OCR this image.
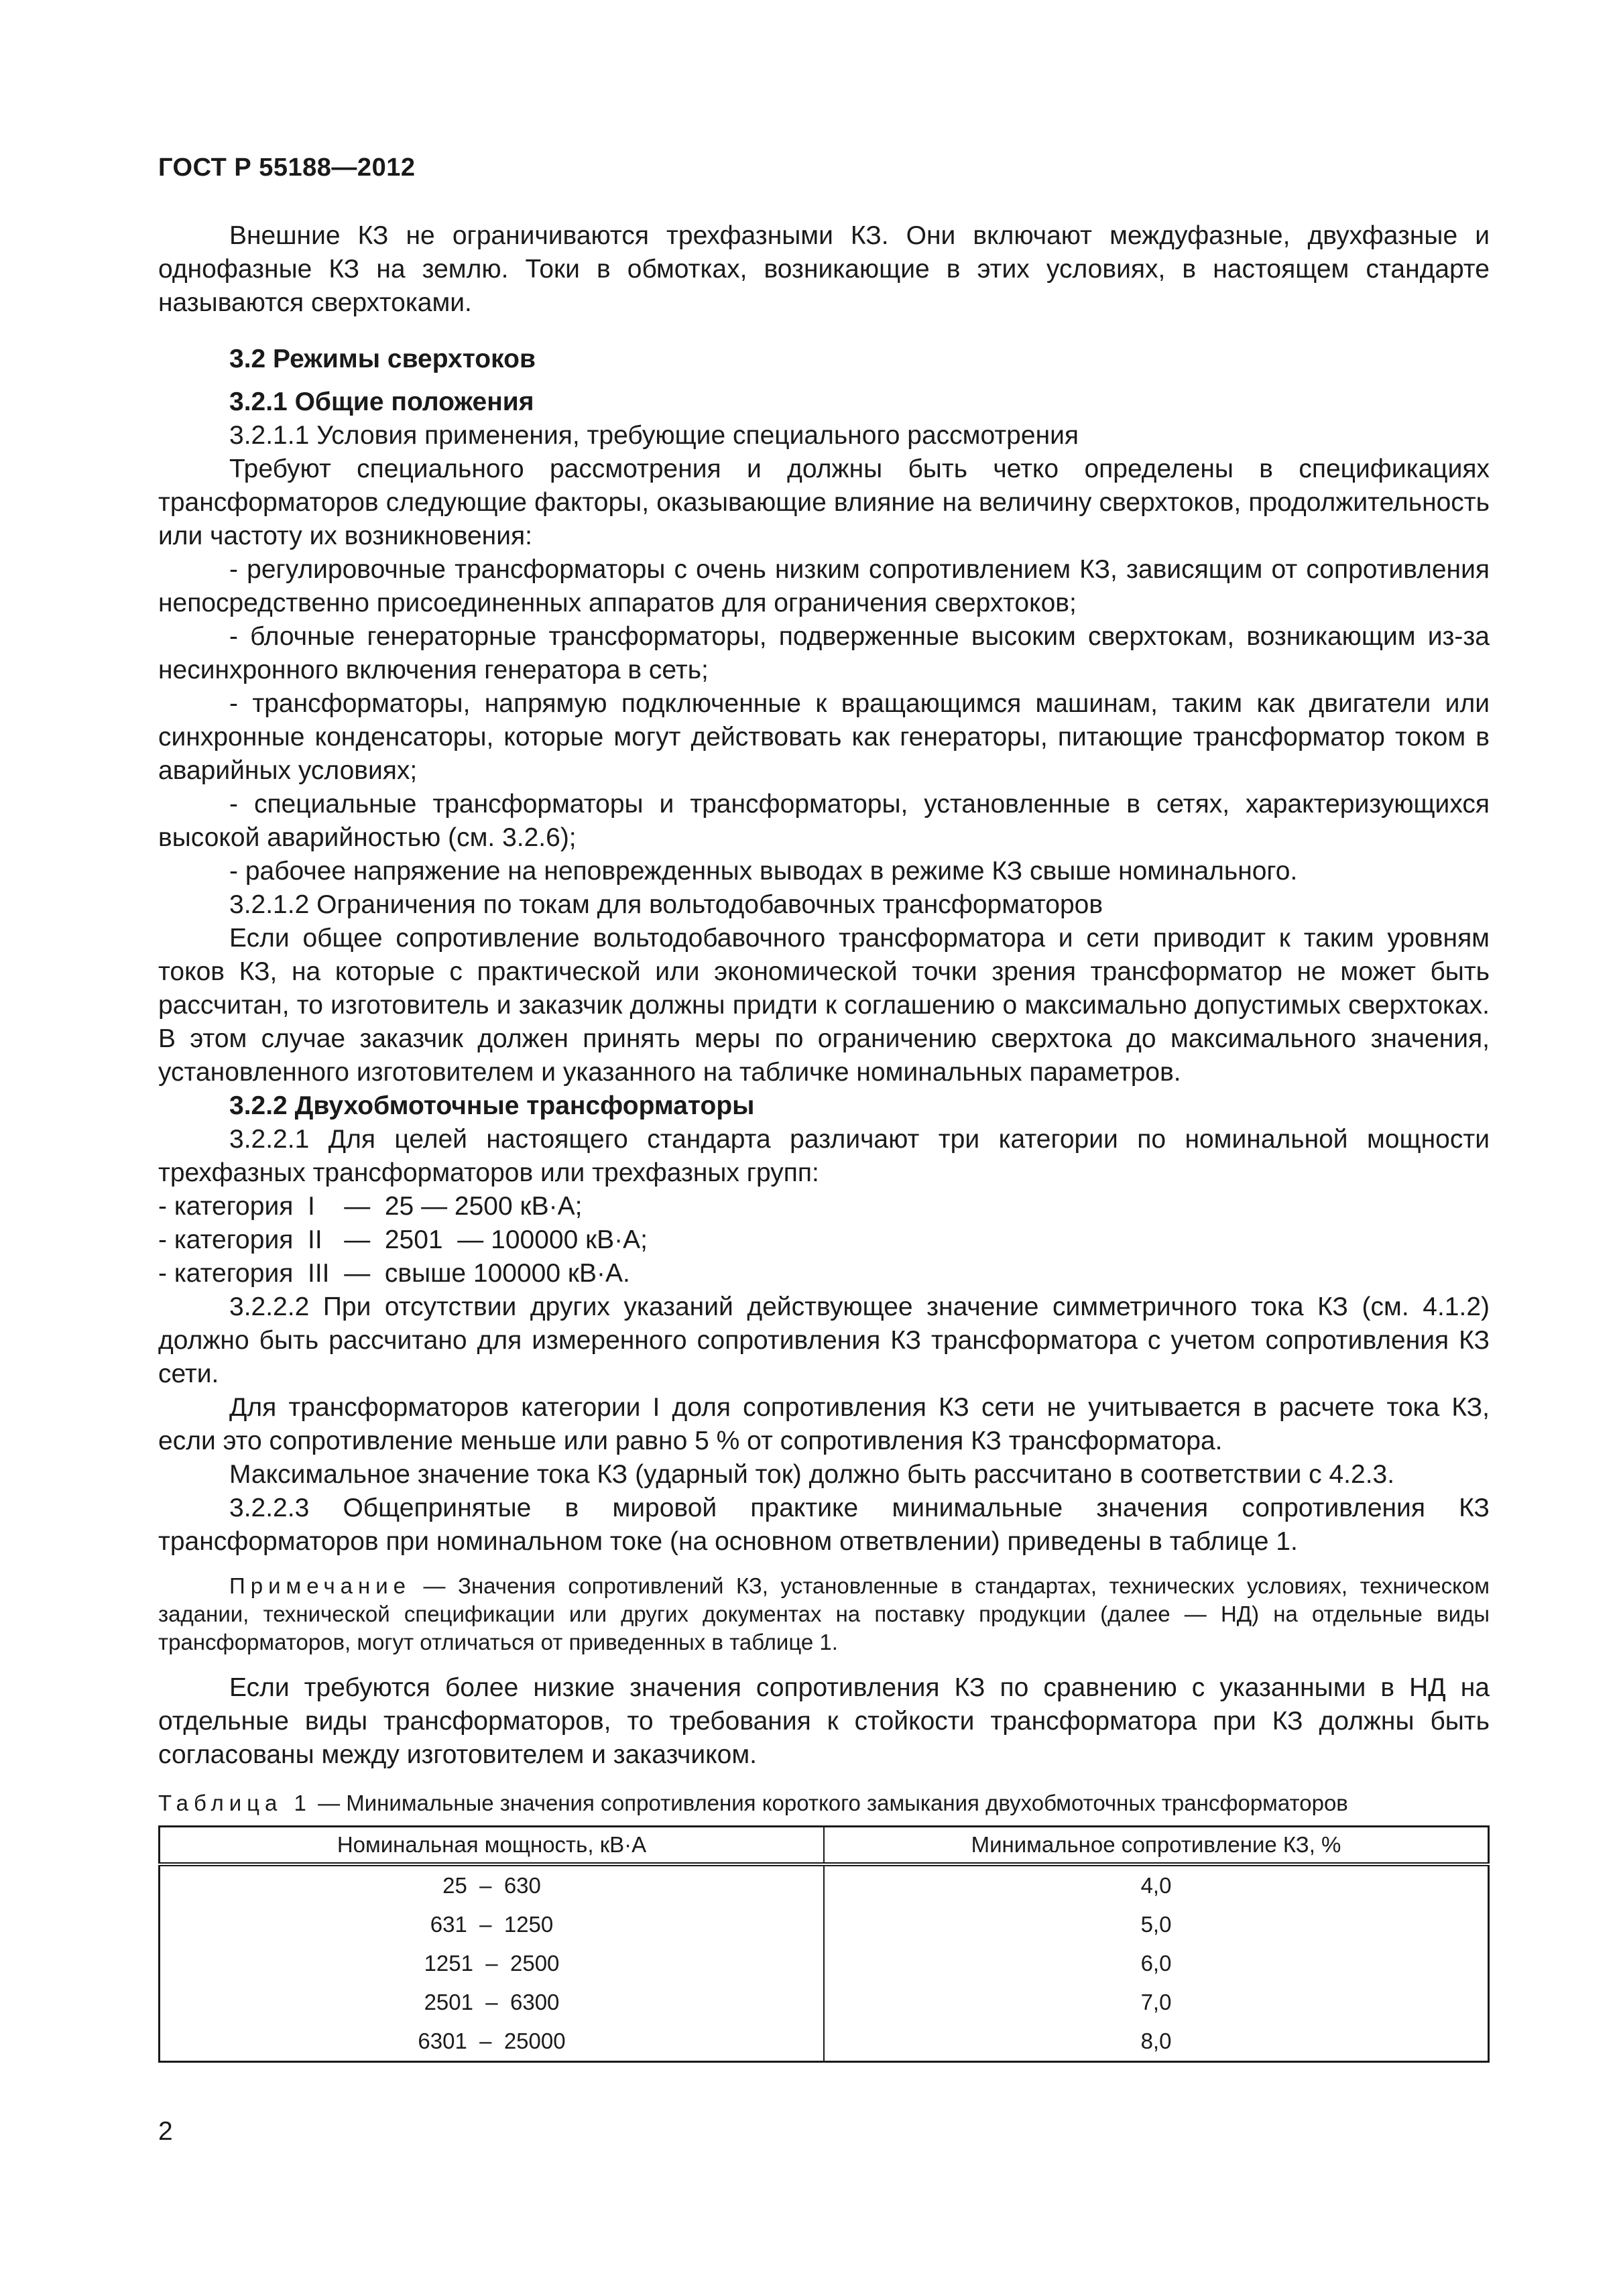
ГОСТ Р 55188—2012

Внешние КЗ не ограничиваются трехфазными КЗ. Они включают междуфазные, двухфазные и однофазные КЗ на землю. Токи в обмотках, возникающие в этих условиях, в настоящем стандарте называются сверхтоками.

3.2 Режимы сверхтоков

3.2.1 Общие положения

3.2.1.1 Условия применения, требующие специального рассмотрения

Требуют специального рассмотрения и должны быть четко определены в спецификациях трансформаторов следующие факторы, оказывающие влияние на величину сверхтоков, продолжительность или частоту их возникновения:

- регулировочные трансформаторы с очень низким сопротивлением КЗ, зависящим от сопротивления непосредственно присоединенных аппаратов для ограничения сверхтоков;

- блочные генераторные трансформаторы, подверженные высоким сверхтокам, возникающим из-за несинхронного включения генератора в сеть;

- трансформаторы, напрямую подключенные к вращающимся машинам, таким как двигатели или синхронные конденсаторы, которые могут действовать как генераторы, питающие трансформатор током в аварийных условиях;

- специальные трансформаторы и трансформаторы, установленные в сетях, характеризующихся высокой аварийностью (см. 3.2.6);

- рабочее напряжение на неповрежденных выводах в режиме КЗ свыше номинального.

3.2.1.2 Ограничения по токам для вольтодобавочных трансформаторов

Если общее сопротивление вольтодобавочного трансформатора и сети приводит к таким уровням токов КЗ, на которые с практической или экономической точки зрения трансформатор не может быть рассчитан, то изготовитель и заказчик должны придти к соглашению о максимально допустимых сверхтоках. В этом случае заказчик должен принять меры по ограничению сверхтока до максимального значения, установленного изготовителем и указанного на табличке номинальных параметров.

3.2.2 Двухобмоточные трансформаторы

3.2.2.1 Для целей настоящего стандарта различают три категории по номинальной мощности трехфазных трансформаторов или трехфазных групп:

- категория  I    —  25 — 2500 кВ·А;

- категория  II   —  2501  — 100000 кВ·А;

- категория  III  —  свыше 100000 кВ·А.

3.2.2.2 При отсутствии других указаний действующее значение симметричного тока КЗ (см. 4.1.2) должно быть рассчитано для измеренного сопротивления КЗ трансформатора с учетом сопротивления КЗ сети.

Для трансформаторов категории I доля сопротивления КЗ сети не учитывается в расчете тока КЗ, если это сопротивление меньше или равно 5 % от сопротивления КЗ трансформатора.

Максимальное значение тока КЗ (ударный ток) должно быть рассчитано в соответствии с 4.2.3.

3.2.2.3 Общепринятые в мировой практике минимальные значения сопротивления КЗ трансформаторов при номинальном токе (на основном ответвлении) приведены в таблице 1.

Примечание — Значения сопротивлений КЗ, установленные в стандартах, технических условиях, техническом задании, технической спецификации или других документах на поставку продукции (далее — НД) на отдельные виды трансформаторов, могут отличаться от приведенных в таблице 1.

Если требуются более низкие значения сопротивления КЗ по сравнению с указанными в НД на отдельные виды трансформаторов, то требования к стойкости трансформатора при КЗ должны быть согласованы между изготовителем и заказчиком.

Таблица 1 — Минимальные значения сопротивления короткого замыкания двухобмоточных трансформаторов

Номинальная мощность, кВ·А	Минимальное сопротивление КЗ, %
25  –  630	4,0
631  –  1250	5,0
1251  –  2500	6,0
2501  –  6300	7,0
6301  –  25000	8,0
2
